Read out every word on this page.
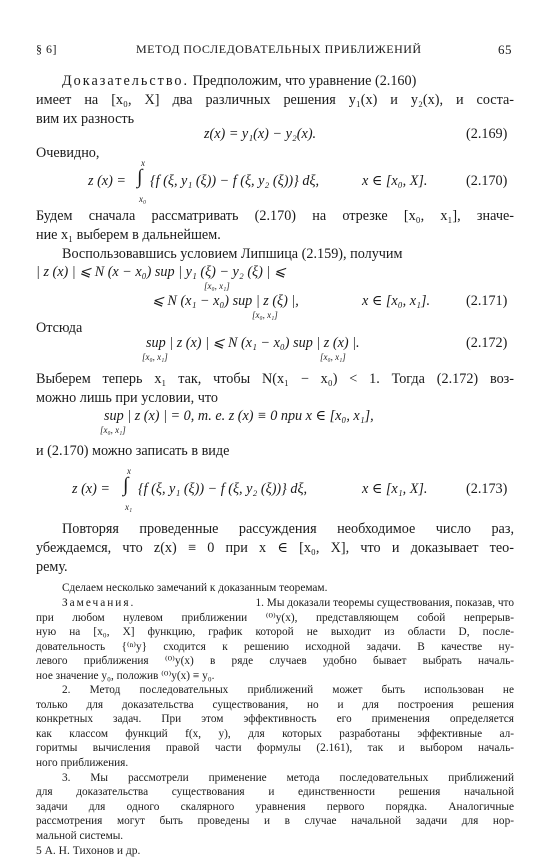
§ 6]	МЕТОД ПОСЛЕДОВАТЕЛЬНЫХ ПРИБЛИЖЕНИЙ	65
Доказательство. Предположим, что уравнение (2.160)
имеет на [x₀, X] два различных решения y₁(x) и y₂(x), и соста-
вим их разность
z(x) = y₁(x) − y₂(x).	(2.169)
Очевидно,
z (x) =
x
∫
x₀
{f (ξ, y₁ (ξ)) − f (ξ, y₂ (ξ))} dξ,	x ∈ [x₀, X].	(2.170)
Будем сначала рассматривать (2.170) на отрезке [x₀, x₁], значе-
ние x₁ выберем в дальнейшем.
Воспользовавшись условием Липшица (2.159), получим
| z (x) | ⩽ N (x − x₀) sup | y₁ (ξ) − y₂ (ξ) | ⩽
[x₀, x₁]
⩽ N (x₁ − x₀) sup | z (ξ) |,
[x₀, x₁]
x ∈ [x₀, x₁].	(2.171)
Отсюда
sup | z (x) | ⩽ N (x₁ − x₀) sup | z (x) |.
[x₀, x₁]	[x₀, x₁]
(2.172)
Выберем теперь x₁ так, чтобы N(x₁ − x₀) < 1. Тогда (2.172) воз-
можно лишь при условии, что
sup | z (x) | = 0, т. е. z (x) ≡ 0 при x ∈ [x₀, x₁],
[x₀, x₁]
и (2.170) можно записать в виде
z (x) =
x
∫
x₁
{f (ξ, y₁ (ξ)) − f (ξ, y₂ (ξ))} dξ,	x ∈ [x₁, X].	(2.173)
Повторяя проведенные рассуждения необходимое число раз,
убеждаемся, что z(x) ≡ 0 при x ∈ [x₀, X], что и доказывает тео-
рему.
Сделаем несколько замечаний к доказанным теоремам.
Замечания.	1. Мы доказали теоремы существования, показав, что
при любом нулевом приближении ⁽⁰⁾y(x), представляющем собой непрерыв-
ную на [x₀, X] функцию, график которой не выходит из области D, после-
довательность {⁽ⁿ⁾y} сходится к решению исходной задачи. В качестве ну-
левого приближения ⁽⁰⁾y(x) в ряде случаев удобно бывает выбрать началь-
ное значение y₀, положив ⁽⁰⁾y(x) ≡ y₀.
2. Метод последовательных приближений может быть использован не
только для доказательства существования, но и для построения решения
конкретных задач. При этом эффективность его применения определяется
как классом функций f(x, y), для которых разработаны эффективные ал-
горитмы вычисления правой части формулы (2.161), так и выбором началь-
ного приближения.
3. Мы рассмотрели применение метода последовательных приближений
для доказательства существования и единственности решения начальной
задачи для одного скалярного уравнения первого порядка. Аналогичные
рассмотрения могут быть проведены и в случае начальной задачи для нор-
мальной системы.
5 А. Н. Тихонов и др.
